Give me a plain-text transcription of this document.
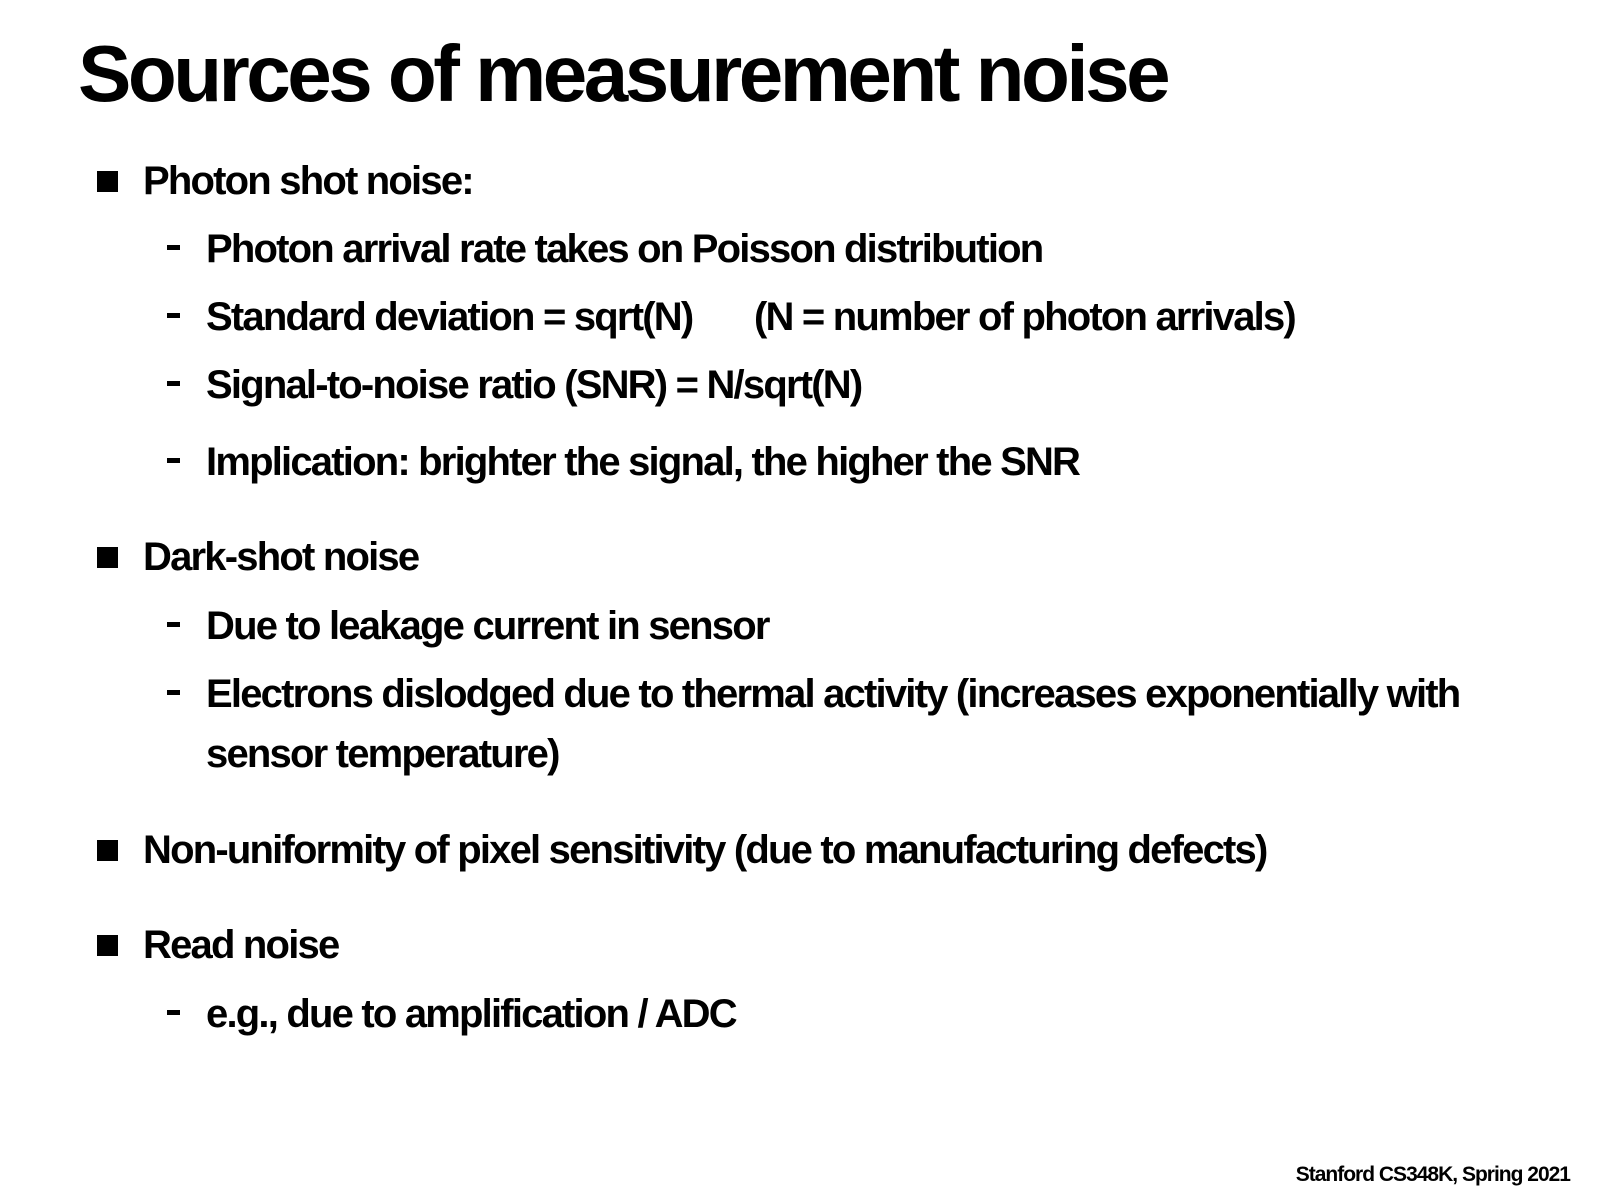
Sources of measurement noise

Photon shot noise:

Photon arrival rate takes on Poisson distribution

Standard deviation = sqrt(N) (N = number of photon arrivals)

Signal-to-noise ratio (SNR) = N/sqrt(N)

Implication: brighter the signal, the higher the SNR

Dark-shot noise

Due to leakage current in sensor

Electrons dislodged due to thermal activity (increases exponentially with

sensor temperature)

Non-uniformity of pixel sensitivity (due to manufacturing defects)

Read noise

e.g., due to amplification / ADC

Stanford CS348K, Spring 2021
